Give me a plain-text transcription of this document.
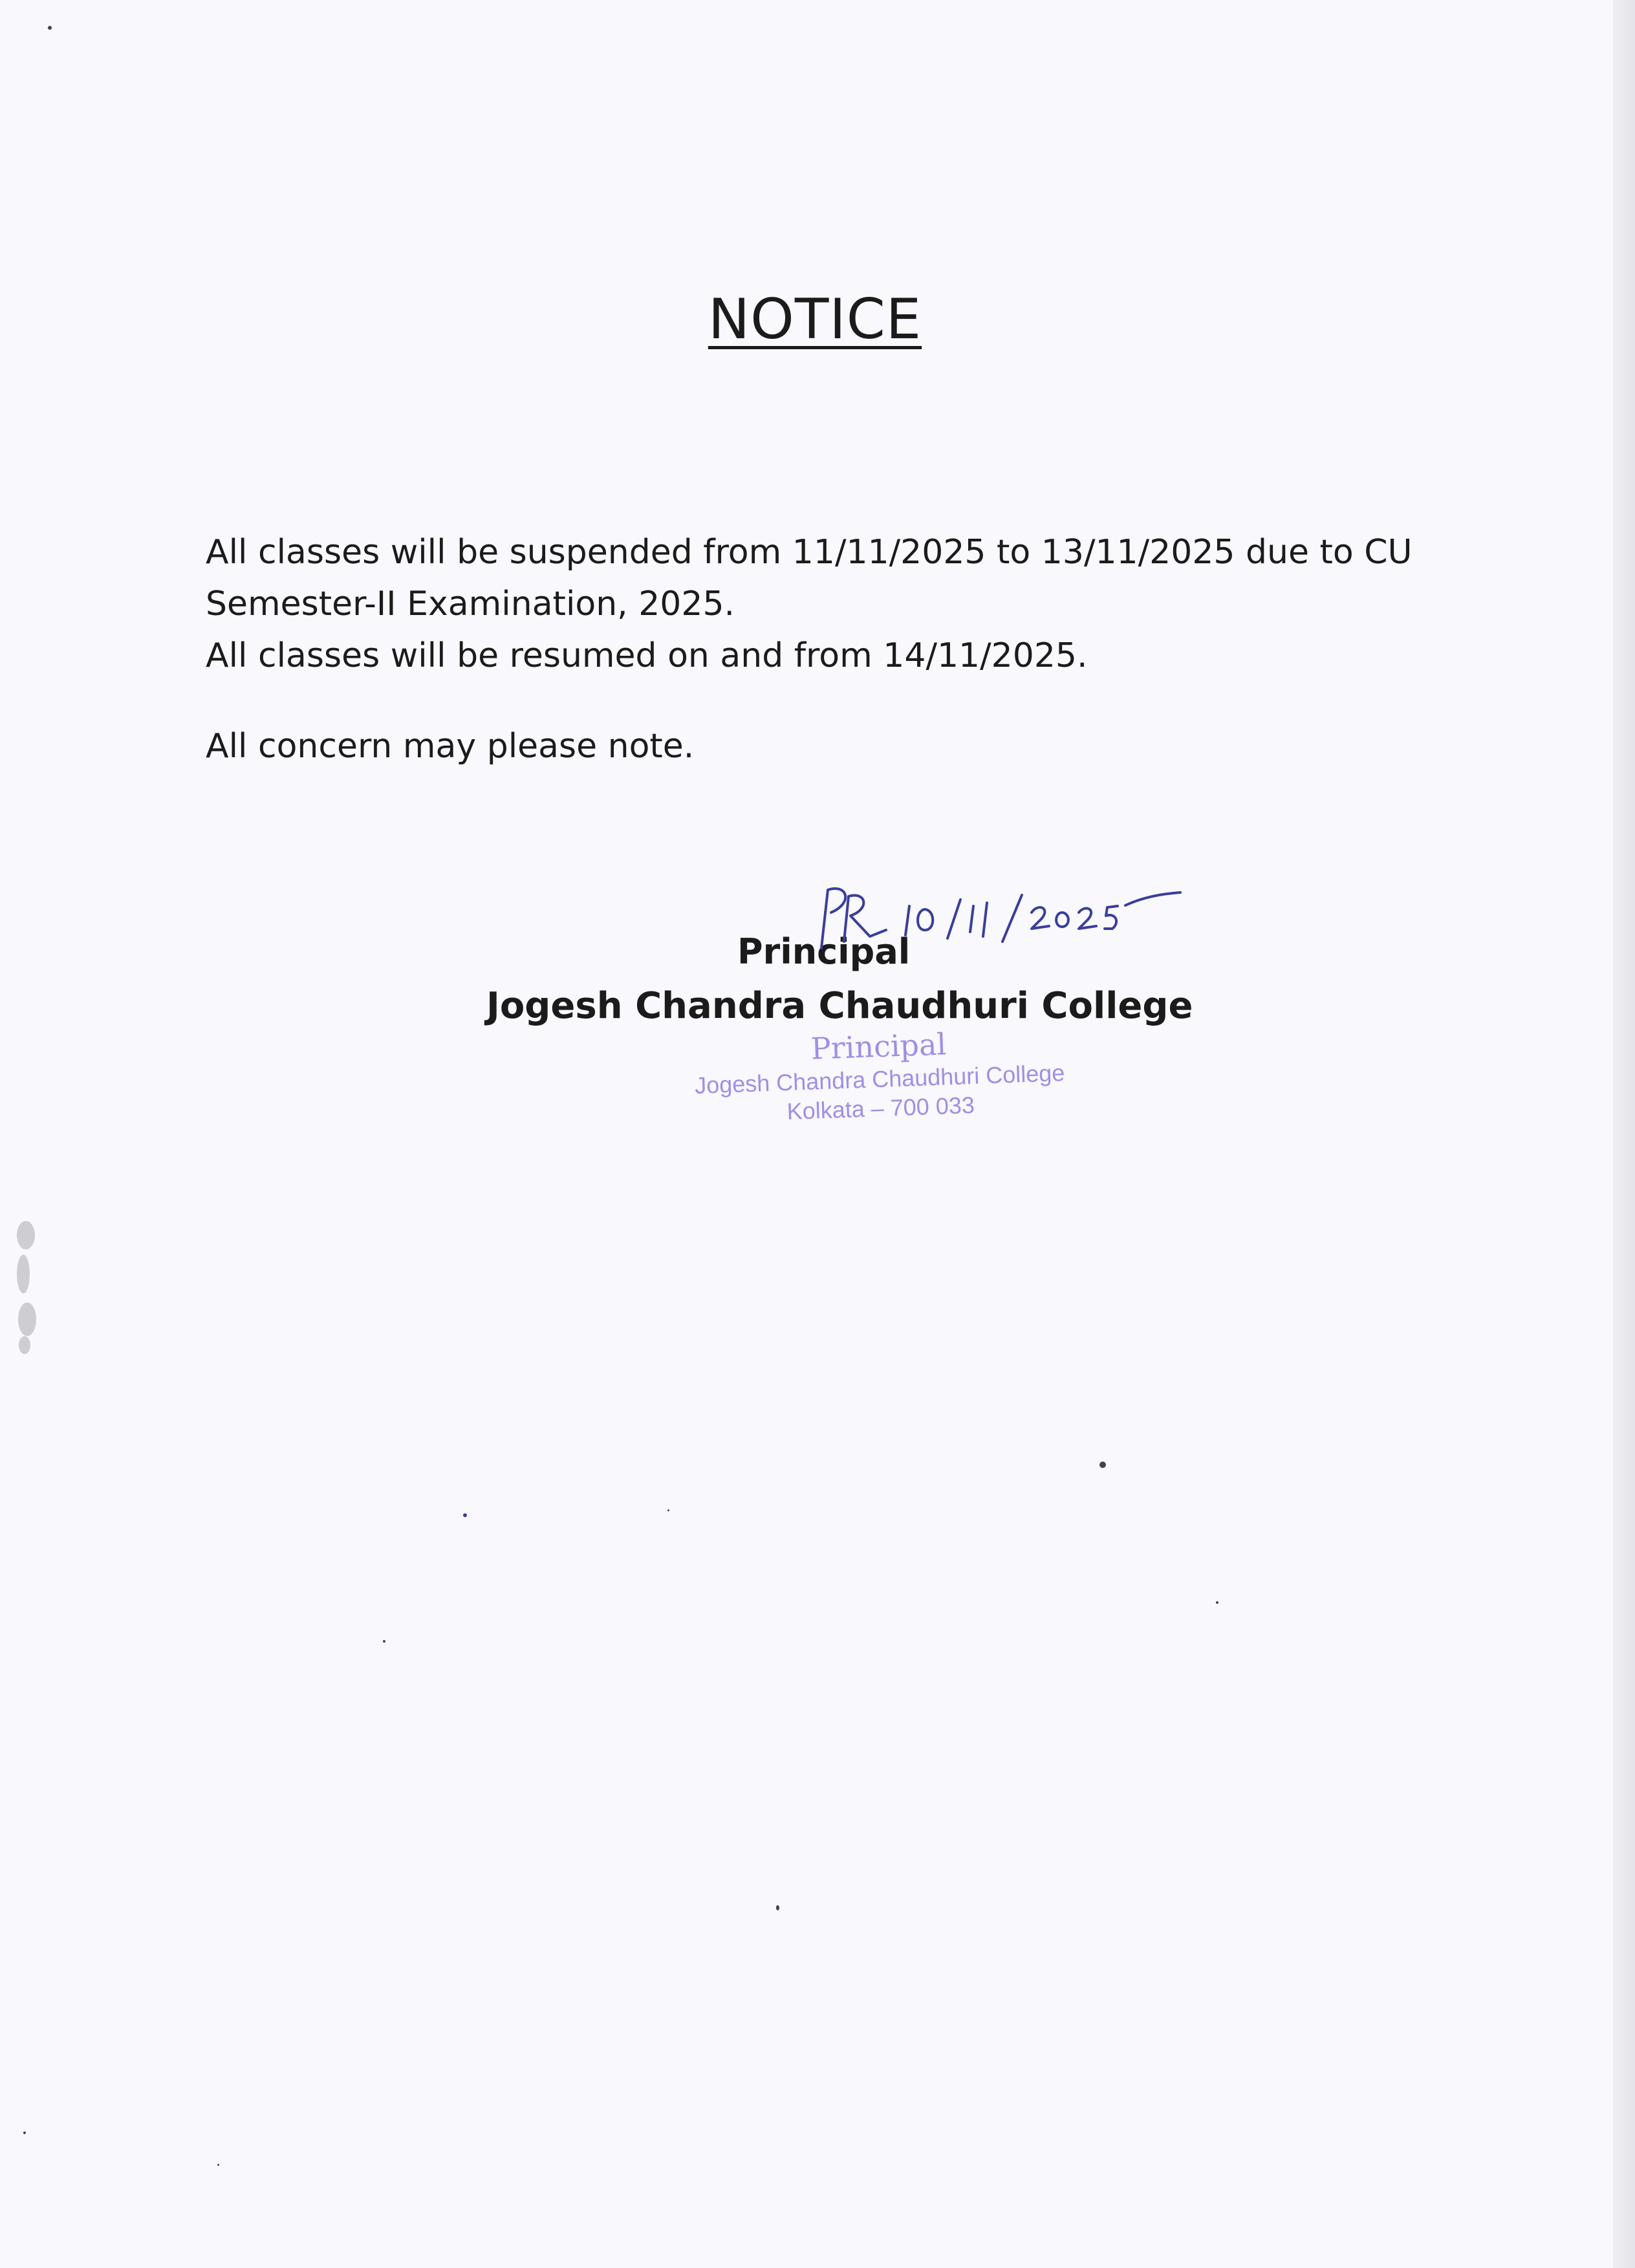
NOTICE
All classes will be suspended from 11/11/2025 to 13/11/2025 due to CU
Semester-II Examination, 2025.
All classes will be resumed on and from 14/11/2025.
All concern may please note.
Principal
Jogesh Chandra Chaudhuri College
Principal
Jogesh Chandra Chaudhuri College
Kolkata – 700 033
